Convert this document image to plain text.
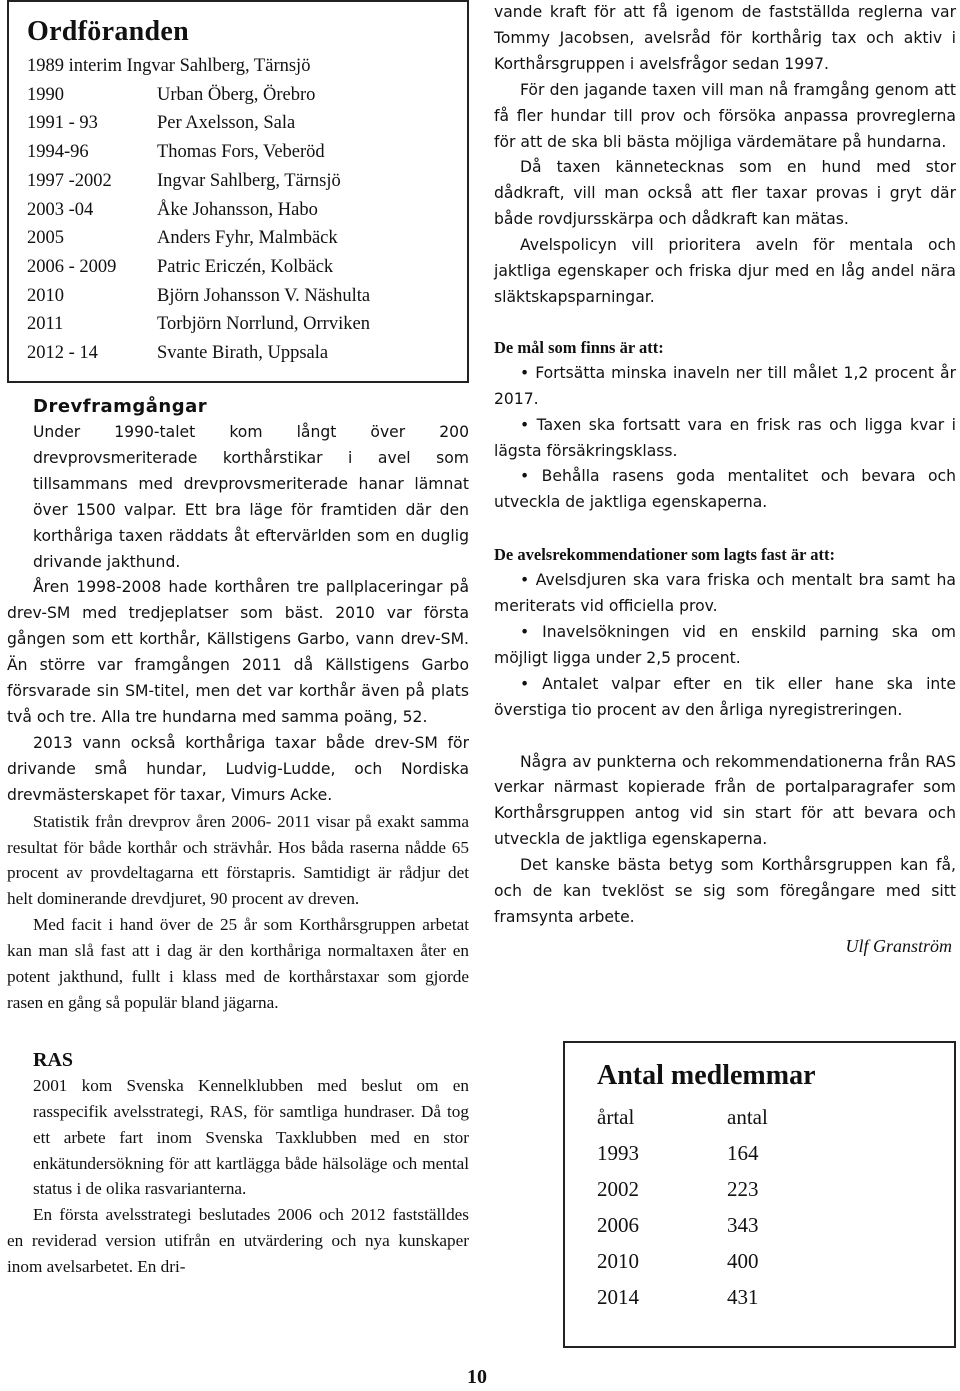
Ordföranden
1989 interim Ingvar Sahlberg, Tärnsjö
1990	Urban Öberg, Örebro
1991 - 93	Per Axelsson, Sala
1994-96	Thomas Fors, Veberöd
1997 -2002 Ingvar Sahlberg, Tärnsjö
2003 -04	Åke Johansson, Habo
2005	Anders Fyhr, Malmbäck
2006 - 2009 Patric Ericzén, Kolbäck
2010	Björn Johansson V. Näshulta
2011	Torbjörn Norrlund, Orrviken
2012 - 14	Svante Birath, Uppsala
Drevframgångar

Under 1990-talet kom långt över 200 drevprovsmeriterade korthårstikar i avel som tillsammans med drevprovsmeriterade hanar lämnat över 1500 valpar. Ett bra läge för framtiden där den korthåriga taxen räddats åt eftervärlden som en duglig drivande jakthund.

Åren 1998-2008 hade korthåren tre pallplaceringar på drev-SM med tredjeplatser som bäst. 2010 var första gången som ett korthår, Källstigens Garbo, vann drev-SM. Än större var framgången 2011 då Källstigens Garbo försvarade sin SM-titel, men det var korthår även på plats två och tre. Alla tre hundarna med samma poäng, 52.

2013 vann också korthåriga taxar både drev-SM för drivande små hundar, Ludvig-Ludde, och Nordiska drevmästerskapet för taxar, Vimurs Acke.

Statistik från drevprov åren 2006- 2011 visar på exakt samma resultat för både korthår och strävhår. Hos båda raserna nådde 65 procent av provdeltagarna ett förstapris. Samtidigt är rådjur det helt dominerande drevdjuret, 90 procent av dreven.

Med facit i hand över de 25 år som Korthårsgruppen arbetat kan man slå fast att i dag är den korthåriga normaltaxen åter en potent jakthund, fullt i klass med de korthårstaxar som gjorde rasen en gång så populär bland jägarna.

RAS

2001 kom Svenska Kennelklubben med beslut om en rasspecifik avelsstrategi, RAS, för samtliga hundraser. Då tog ett arbete fart inom Svenska Taxklubben med en stor enkätundersökning för att kartlägga både hälsoläge och mental status i de olika rasvarianterna.

En första avelsstrategi beslutades 2006 och 2012 fastställdes en reviderad version utifrån en utvärdering och nya kunskaper inom avelsarbetet. En dri-

vande kraft för att få igenom de fastställda reglerna var Tommy Jacobsen, avelsråd för korthårig tax och aktiv i Korthårsgruppen i avelsfrågor sedan 1997.

För den jagande taxen vill man nå framgång genom att få fler hundar till prov och försöka anpassa provreglerna för att de ska bli bästa möjliga värdemätare på hundarna.

Då taxen kännetecknas som en hund med stor dådkraft, vill man också att fler taxar provas i gryt där både rovdjursskärpa och dådkraft kan mätas.

Avelspolicyn vill prioritera aveln för mentala och jaktliga egenskaper och friska djur med en låg andel nära släktskapsparningar.

De mål som finns är att:

• Fortsätta minska inaveln ner till målet 1,2 procent år 2017.

• Taxen ska fortsatt vara en frisk ras och ligga kvar i lägsta försäkringsklass.

• Behålla rasens goda mentalitet och bevara och utveckla de jaktliga egenskaperna.

De avelsrekommendationer som lagts fast är att:

• Avelsdjuren ska vara friska och mentalt bra samt ha meriterats vid officiella prov.

• Inavelsökningen vid en enskild parning ska om möjligt ligga under 2,5 procent.

• Antalet valpar efter en tik eller hane ska inte överstiga tio procent av den årliga nyregistreringen.

Några av punkterna och rekommendationerna från RAS verkar närmast kopierade från de portalparagrafer som Korthårsgruppen antog vid sin start för att bevara och utveckla de jaktliga egenskaperna.

Det kanske bästa betyg som Korthårsgruppen kan få, och de kan tveklöst se sig som föregångare med sitt framsynta arbete.

Ulf Granström

Antal medlemmar
årtal	antal
1993	164
2002	223
2006	343
2010	400
2014	431
10
